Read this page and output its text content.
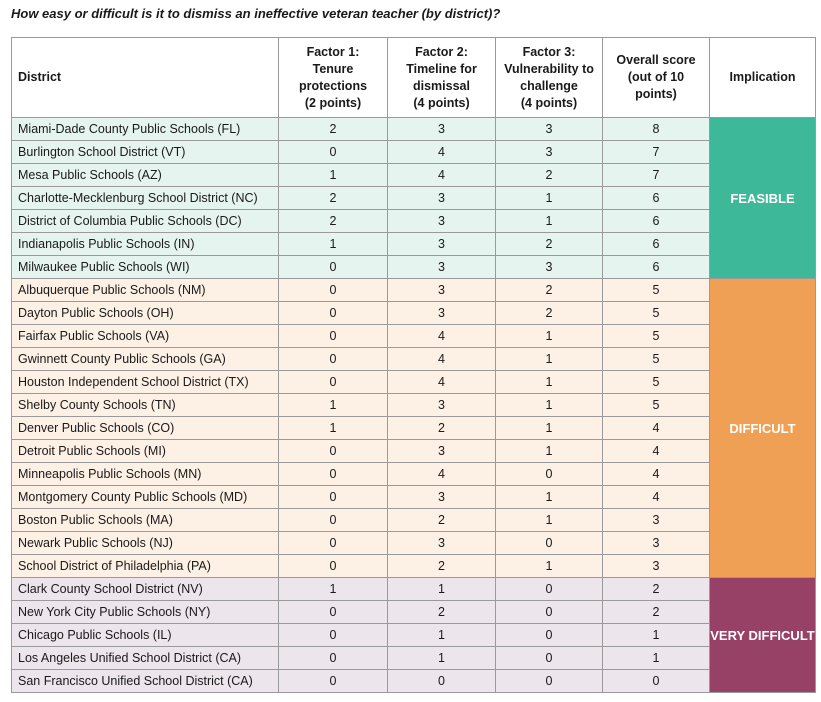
How easy or difficult is it to dismiss an ineffective veteran teacher (by district)?
District	Factor 1:
Tenure
protections
(2 points)	Factor 2:
Timeline for
dismissal
(4 points)	Factor 3:
Vulnerability to
challenge
(4 points)	Overall score
(out of 10
points)	Implication
Miami-Dade County Public Schools (FL)	2	3	3	8	FEASIBLE
Burlington School District (VT)	0	4	3	7	
Mesa Public Schools (AZ)	1	4	2	7	
Charlotte-Mecklenburg School District (NC)	2	3	1	6	
District of Columbia Public Schools (DC)	2	3	1	6	
Indianapolis Public Schools (IN)	1	3	2	6	
Milwaukee Public Schools (WI)	0	3	3	6	
Albuquerque Public Schools (NM)	0	3	2	5	DIFFICULT
Dayton Public Schools (OH)	0	3	2	5	
Fairfax Public Schools (VA)	0	4	1	5	
Gwinnett County Public Schools (GA)	0	4	1	5	
Houston Independent School District (TX)	0	4	1	5	
Shelby County Schools (TN)	1	3	1	5	
Denver Public Schools (CO)	1	2	1	4	
Detroit Public Schools (MI)	0	3	1	4	
Minneapolis Public Schools (MN)	0	4	0	4	
Montgomery County Public Schools (MD)	0	3	1	4	
Boston Public Schools (MA)	0	2	1	3	
Newark Public Schools (NJ)	0	3	0	3	
School District of Philadelphia (PA)	0	2	1	3	
Clark County School District (NV)	1	1	0	2	VERY DIFFICULT
New York City Public Schools (NY)	0	2	0	2	
Chicago Public Schools (IL)	0	1	0	1	
Los Angeles Unified School District (CA)	0	1	0	1	
San Francisco Unified School District (CA)	0	0	0	0	
